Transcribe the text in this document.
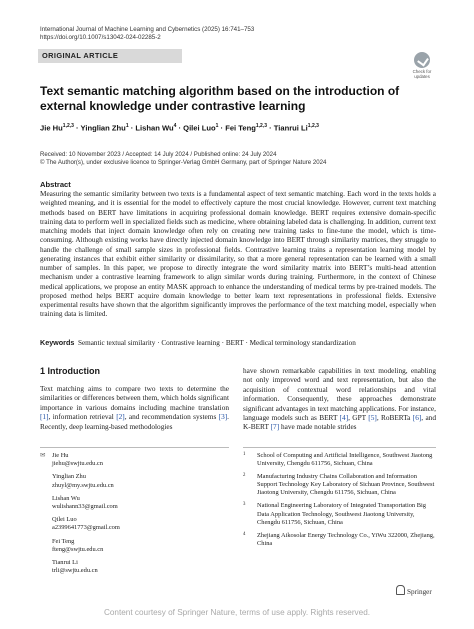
International Journal of Machine Learning and Cybernetics (2025) 16:741–753
https://doi.org/10.1007/s13042-024-02285-2
ORIGINAL ARTICLE
Check for
updates
Text semantic matching algorithm based on the introduction of external knowledge under contrastive learning
Jie Hu$^{1,2,3}$ · Yinglian Zhu$^1$ · Lishan $Wu^4$ · Qilei Luo$^1$ · Fei Teng$^{1,2,3}$ · Tianrui Li$^{1,2,3}$
Received: 10 November 2023 / Accepted: 14 July 2024 / Published online: 24 July 2024
© The Author(s), under exclusive licence to Springer-Verlag GmbH Germany, part of Springer Nature 2024
Abstract
Measuring the semantic similarity between two texts is a fundamental aspect of text semantic matching. Each word in the texts holds a weighted meaning, and it is essential for the model to effectively capture the most crucial knowledge. However, current text matching methods based on BERT have limitations in acquiring professional domain knowledge. BERT requires extensive domain-specific training data to perform well in specialized fields such as medicine, where obtaining labeled data is challenging. In addition, current text matching models that inject domain knowledge often rely on creating new training tasks to fine-tune the model, which is time-consuming. Although existing works have directly injected domain knowledge into BERT through similarity matrices, they struggle to handle the challenge of small sample sizes in professional fields. Contrastive learning trains a representation learning model by generating instances that exhibit either similarity or dissimilarity, so that a more general representation can be learned with a small number of samples. In this paper, we propose to directly integrate the word similarity matrix into BERT’s multi-head attention mechanism under a contrastive learning framework to align similar words during training. Furthermore, in the context of Chinese medical applications, we propose an entity MASK approach to enhance the understanding of medical terms by pre-trained models. The proposed method helps BERT acquire domain knowledge to better learn text representations in professional fields. Extensive experimental results have shown that the algorithm significantly improves the performance of the text matching model, especially when training data is limited.
Keywords Semantic textual similarity · Contrastive learning · BERT · Medical terminology standardization
1 Introduction
Text matching aims to compare two texts to determine the similarities or differences between them, which holds significant importance in various domains including machine translation [1], information retrieval [2], and recommendation systems [3]. Recently, deep learning-based methodologies
have shown remarkable capabilities in text modeling, enabling not only improved word and text representation, but also the acquisition of contextual word relationships and vital information. Consequently, these approaches demonstrate significant advantages in text matching applications. For instance, language models such as BERT [4], GPT [5], RoBERTa [6], and K-BERT [7] have made notable strides
✉ Jie Hu
jiehu@swjtu.edu.cn
Yinglian Zhu
zhuyl@my.swjtu.edu.cn
Lishan Wu
wulishann33@gmail.com
Qilei Luo
a2399641773@gmail.com
Fei Teng
fteng@swjtu.edu.cn
Tianrui Li
trli@swjtu.edu.cn
1 School of Computing and Artificial Intelligence, Southwest Jiaotong University, Chengdu 611756, Sichuan, China
2 Manufacturing Industry Chains Collaboration and Information Support Technology Key Laboratory of Sichuan Province, Southwest Jiaotong University, Chengdu 611756, Sichuan, China
3 National Engineering Laboratory of Integrated Transportation Big Data Application Technology, Southwest Jiaotong University, Chengdu 611756, Sichuan, China
4 Zhejiang Aikosolar Energy Technology Co., YiWu 322000, Zhejiang, China
Springer
Content courtesy of Springer Nature, terms of use apply. Rights reserved.
